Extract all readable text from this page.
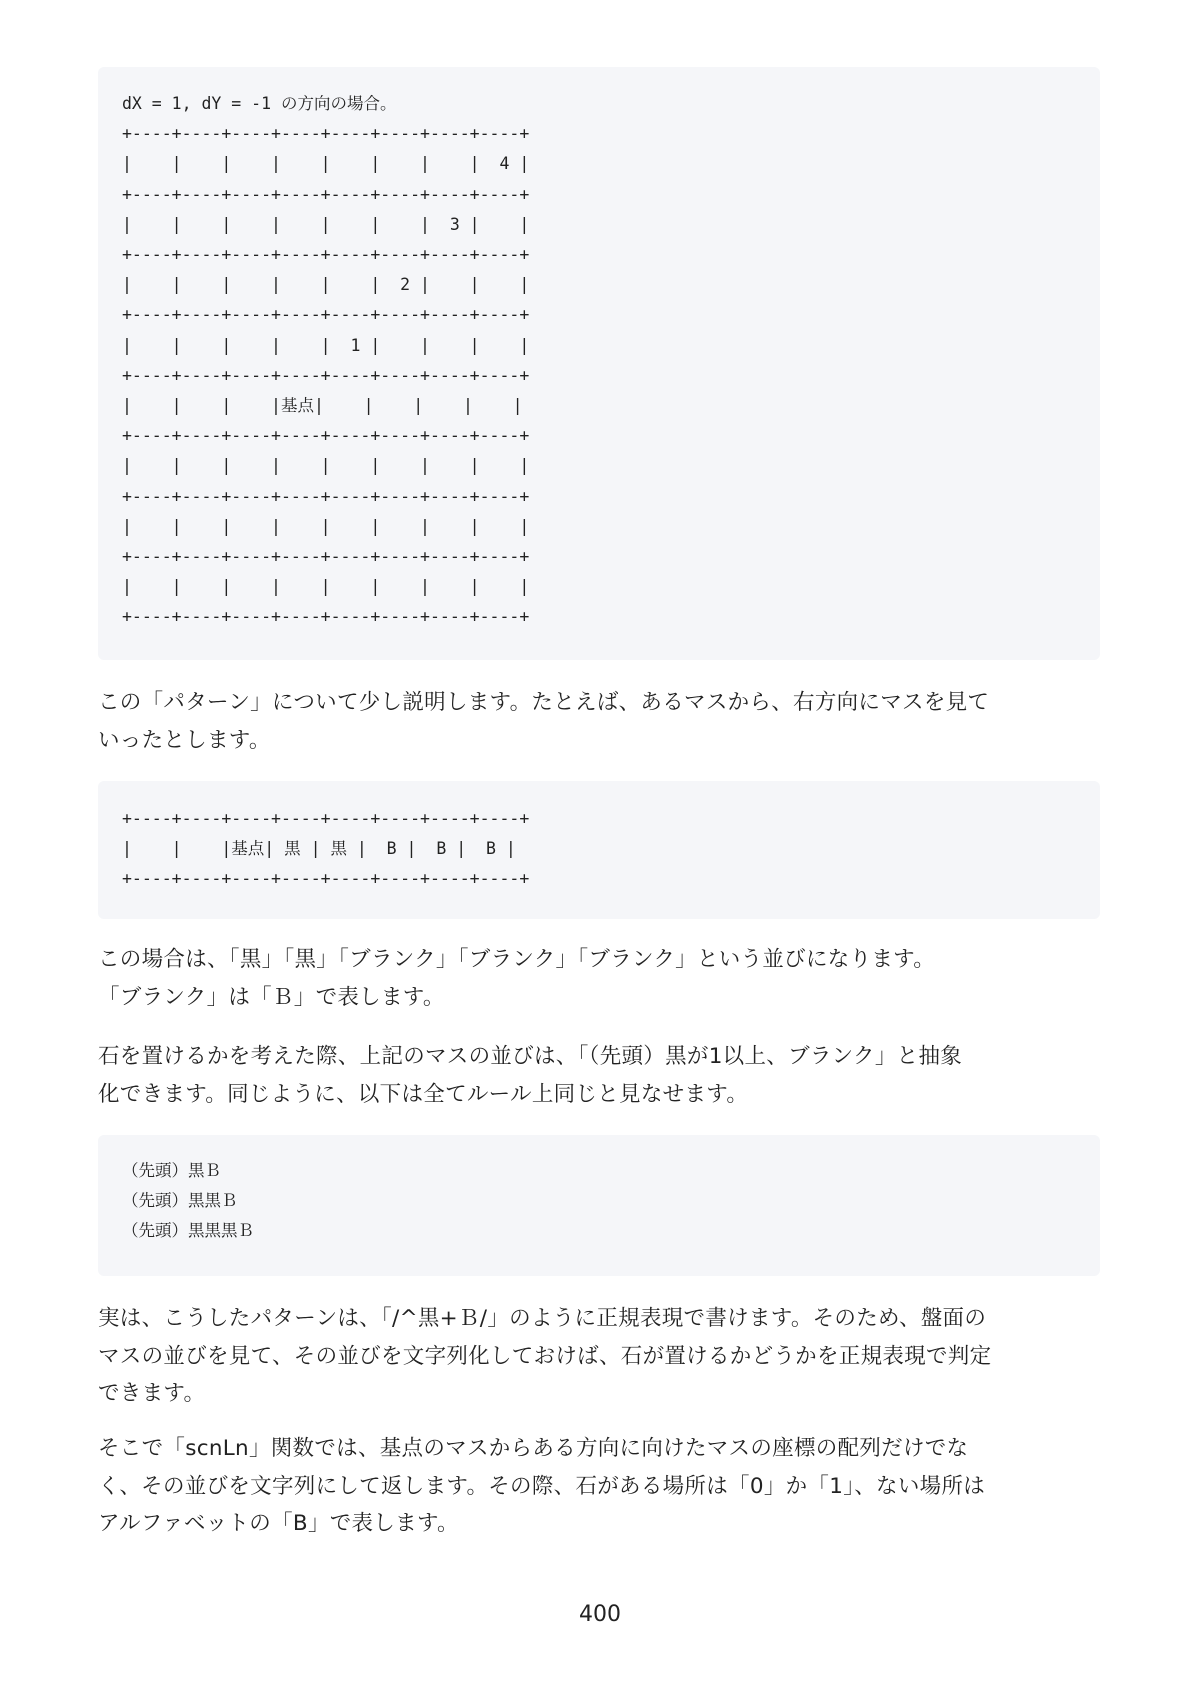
dX = 1, dY = -1 の方向の場合。
+----+----+----+----+----+----+----+----+
|    |    |    |    |    |    |    |  4 |
+----+----+----+----+----+----+----+----+
|    |    |    |    |    |    |  3 |    |
+----+----+----+----+----+----+----+----+
|    |    |    |    |    |  2 |    |    |
+----+----+----+----+----+----+----+----+
|    |    |    |    |  1 |    |    |    |
+----+----+----+----+----+----+----+----+
|    |    |    |基点|    |    |    |    |
+----+----+----+----+----+----+----+----+
|    |    |    |    |    |    |    |    |
+----+----+----+----+----+----+----+----+
|    |    |    |    |    |    |    |    |
+----+----+----+----+----+----+----+----+
|    |    |    |    |    |    |    |    |
+----+----+----+----+----+----+----+----+

この「パターン」について少し説明します。たとえば、あるマスから、右方向にマスを見て
いったとします。

+----+----+----+----+----+----+----+----+
|    |    |基点| 黒 | 黒 |  B |  B |  B |
+----+----+----+----+----+----+----+----+

この場合は、「黒」「黒」「ブランク」「ブランク」「ブランク」という並びになります。
「ブランク」は「Ｂ」で表します。

石を置けるかを考えた際、上記のマスの並びは、「（先頭）黒が1以上、ブランク」と抽象
化できます。同じように、以下は全てルール上同じと見なせます。

（先頭）黒Ｂ
（先頭）黒黒Ｂ
（先頭）黒黒黒Ｂ

実は、こうしたパターンは、「/^黒+Ｂ/」のように正規表現で書けます。そのため、盤面の
マスの並びを見て、その並びを文字列化しておけば、石が置けるかどうかを正規表現で判定
できます。

そこで「scnLn」関数では、基点のマスからある方向に向けたマスの座標の配列だけでな
く、その並びを文字列にして返します。その際、石がある場所は「0」か「1」、ない場所は
アルファベットの「B」で表します。

400
